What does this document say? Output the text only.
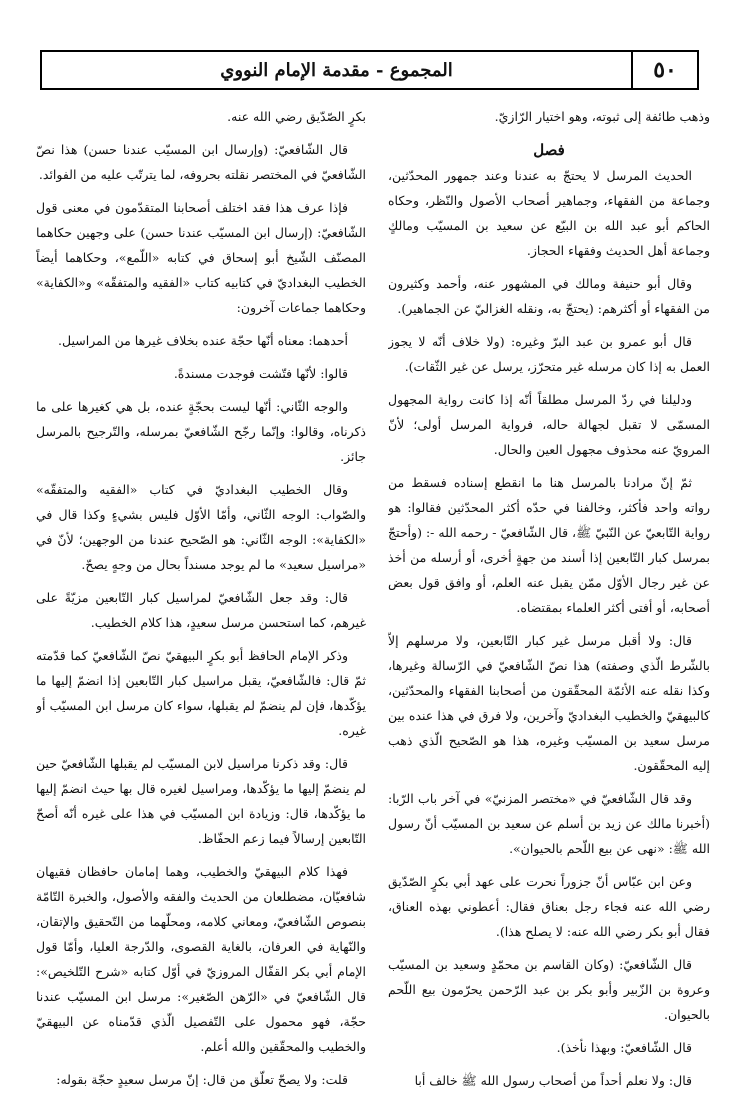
٥٠
المجموع - مقدمة الإمام النووي

وذهب طائفة إلى ثبوته، وهو اختيار الرّازيّ.

فصل

الحديث المرسل لا يحتجّ به عندنا وعند جمهور المحدّثين، وجماعة من الفقهاء، وجماهير أصحاب الأصول والنّظر، وحكاه الحاكم أبو عبد الله بن البيّع عن سعيد بن المسيّب ومالكٍ وجماعة أهل الحديث وفقهاء الحجاز.

وقال أبو حنيفة ومالك في المشهور عنه، وأحمد وكثيرون من الفقهاء أو أكثرهم: (يحتجّ به، ونقله الغزاليّ عن الجماهير).

قال أبو عمرو بن عبد البرّ وغيره: (ولا خلاف أنّه لا يجوز العمل به إذا كان مرسله غير متحرّز، يرسل عن غير الثّقات).

ودليلنا في ردّ المرسل مطلقاً أنّه إذا كانت رواية المجهول المسمّى لا تقبل لجهالة حاله، فرواية المرسل أولى؛ لأنّ المرويّ عنه محذوف مجهول العين والحال.

ثمّ إنّ مرادنا بالمرسل هنا ما انقطع إسناده فسقط من رواته واحد فأكثر، وخالفنا في حدّه أكثر المحدّثين فقالوا: هو رواية التّابعيّ عن النّبيّ ﷺ، قال الشّافعيّ - رحمه الله -: (وأحتجّ بمرسل كبار التّابعين إذا أسند من جهةٍ أخرى، أو أرسله من أخذ عن غير رجال الأوّل ممّن يقبل عنه العلم، أو وافق قول بعض أصحابه، أو أفتى أكثر العلماء بمقتضاه.

قال: ولا أقبل مرسل غير كبار التّابعين، ولا مرسلهم إلاّ بالشّرط الّذي وصفته) هذا نصّ الشّافعيّ في الرّسالة وغيرها، وكذا نقله عنه الأئمّة المحقّقون من أصحابنا الفقهاء والمحدّثين، كالبيهقيّ والخطيب البغداديّ وآخرين، ولا فرق في هذا عنده بين مرسل سعيد بن المسيّب وغيره، هذا هو الصّحيح الّذي ذهب إليه المحقّقون.

وقد قال الشّافعيّ في «مختصر المزنيّ» في آخر باب الرّبا: (أخبرنا مالك عن زيد بن أسلم عن سعيد بن المسيّب أنّ رسول الله ﷺ: «نهى عن بيع اللّحم بالحيوان».

وعن ابن عبّاس أنّ جزوراً نحرت على عهد أبي بكرٍ الصّدّيق رضي الله عنه فجاء رجل بعناق فقال: أعطوني بهذه العناق، فقال أبو بكر رضي الله عنه: لا يصلح هذا).

قال الشّافعيّ: (وكان القاسم بن محمّدٍ وسعيد بن المسيّب وعروة بن الزّبير وأبو بكر بن عبد الرّحمن يحرّمون بيع اللّحم بالحيوان.

قال الشّافعيّ: وبهذا نأخذ).

قال: ولا نعلم أحداً من أصحاب رسول الله ﷺ خالف أبا

بكرٍ الصّدّيق رضي الله عنه.

قال الشّافعيّ: (وإرسال ابن المسيّب عندنا حسن) هذا نصّ الشّافعيّ في المختصر نقلته بحروفه، لما يترتّب عليه من الفوائد.

فإذا عرف هذا فقد اختلف أصحابنا المتقدّمون في معنى قول الشّافعيّ: (إرسال ابن المسيّب عندنا حسن) على وجهين حكاهما المصنّف الشّيخ أبو إسحاق في كتابه «اللّمع»، وحكاهما أيضاً الخطيب البغداديّ في كتابيه كتاب «الفقيه والمتفقّه» و«الكفاية» وحكاهما جماعات آخرون:

أحدهما: معناه أنّها حجّة عنده بخلاف غيرها من المراسيل.

قالوا: لأنّها فتّشت فوجدت مسندةً.

والوجه الثّاني: أنّها ليست بحجّةٍ عنده، بل هي كغيرها على ما ذكرناه، وقالوا: وإنّما رجّح الشّافعيّ بمرسله، والتّرجيح بالمرسل جائز.

وقال الخطيب البغداديّ في كتاب «الفقيه والمتفقّه» والصّواب: الوجه الثّاني، وأمّا الأوّل فليس بشيءٍ وكذا قال في «الكفاية»: الوجه الثّاني: هو الصّحيح عندنا من الوجهين؛ لأنّ في «مراسيل سعيد» ما لم يوجد مسنداً بحال من وجهٍ يصحّ.

قال: وقد جعل الشّافعيّ لمراسيل كبار التّابعين مزيّةً على غيرهم، كما استحسن مرسل سعيدٍ، هذا كلام الخطيب.

وذكر الإمام الحافظ أبو بكرٍ البيهقيّ نصّ الشّافعيّ كما قدّمته ثمّ قال: فالشّافعيّ، يقبل مراسيل كبار التّابعين إذا انضمّ إليها ما يؤكّدها، فإن لم ينضمّ لم يقبلها، سواء كان مرسل ابن المسيّب أو غيره.

قال: وقد ذكرنا مراسيل لابن المسيّب لم يقبلها الشّافعيّ حين لم ينضمّ إليها ما يؤكّدها، ومراسيل لغيره قال بها حيث انضمّ إليها ما يؤكّدها، قال: وزيادة ابن المسيّب في هذا على غيره أنّه أصحّ التّابعين إرسالاً فيما زعم الحفّاظ.

فهذا كلام البيهقيّ والخطيب، وهما إمامان حافظان فقيهان شافعيّان، مضطلعان من الحديث والفقه والأصول، والخبرة التّامّة بنصوص الشّافعيّ، ومعاني كلامه، ومحلّهما من التّحقيق والإتقان، والنّهاية في العرفان، بالغاية القصوى، والدّرجة العليا، وأمّا قول الإمام أبي بكر القفّال المروزيّ في أوّل كتابه «شرح التّلخيص»: قال الشّافعيّ في «الرّهن الصّغير»: مرسل ابن المسيّب عندنا حجّة، فهو محمول على التّفصيل الّذي قدّمناه عن البيهقيّ والخطيب والمحقّقين والله أعلم.

قلت: ولا يصحّ تعلّق من قال: إنّ مرسل سعيدٍ حجّة بقوله:
